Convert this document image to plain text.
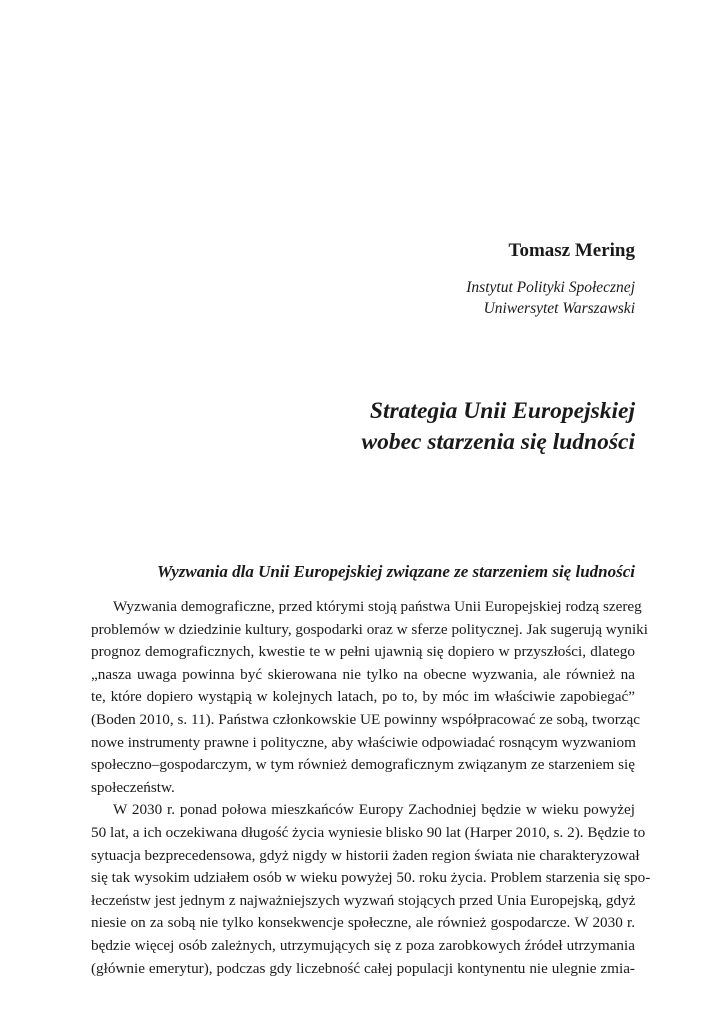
Tomasz Mering

Instytut Polityki Społecznej
Uniwersytet Warszawski
Strategia Unii Europejskiej
wobec starzenia się ludności
Wyzwania dla Unii Europejskiej związane ze starzeniem się ludności
Wyzwania demograficzne, przed którymi stoją państwa Unii Europejskiej rodzą szereg
problemów w dziedzinie kultury, gospodarki oraz w sferze politycznej. Jak sugerują wyniki
prognoz demograficznych, kwestie te w pełni ujawnią się dopiero w przyszłości, dlatego
„nasza uwaga powinna być skierowana nie tylko na obecne wyzwania, ale również na
te, które dopiero wystąpią w kolejnych latach, po to, by móc im właściwie zapobiegać”
(Boden 2010, s. 11). Państwa członkowskie UE powinny współpracować ze sobą, tworząc
nowe instrumenty prawne i polityczne, aby właściwie odpowiadać rosnącym wyzwaniom
społeczno–gospodarczym, w tym również demograficznym związanym ze starzeniem się
społeczeństw.
W 2030 r. ponad połowa mieszkańców Europy Zachodniej będzie w wieku powyżej
50 lat, a ich oczekiwana długość życia wyniesie blisko 90 lat (Harper 2010, s. 2). Będzie to
sytuacja bezprecedensowa, gdyż nigdy w historii żaden region świata nie charakteryzował
się tak wysokim udziałem osób w wieku powyżej 50. roku życia. Problem starzenia się spo-
łeczeństw jest jednym z najważniejszych wyzwań stojących przed Unia Europejską, gdyż
niesie on za sobą nie tylko konsekwencje społeczne, ale również gospodarcze. W 2030 r.
będzie więcej osób zależnych, utrzymujących się z poza zarobkowych źródeł utrzymania
(głównie emerytur), podczas gdy liczebność całej populacji kontynentu nie ulegnie zmia-
